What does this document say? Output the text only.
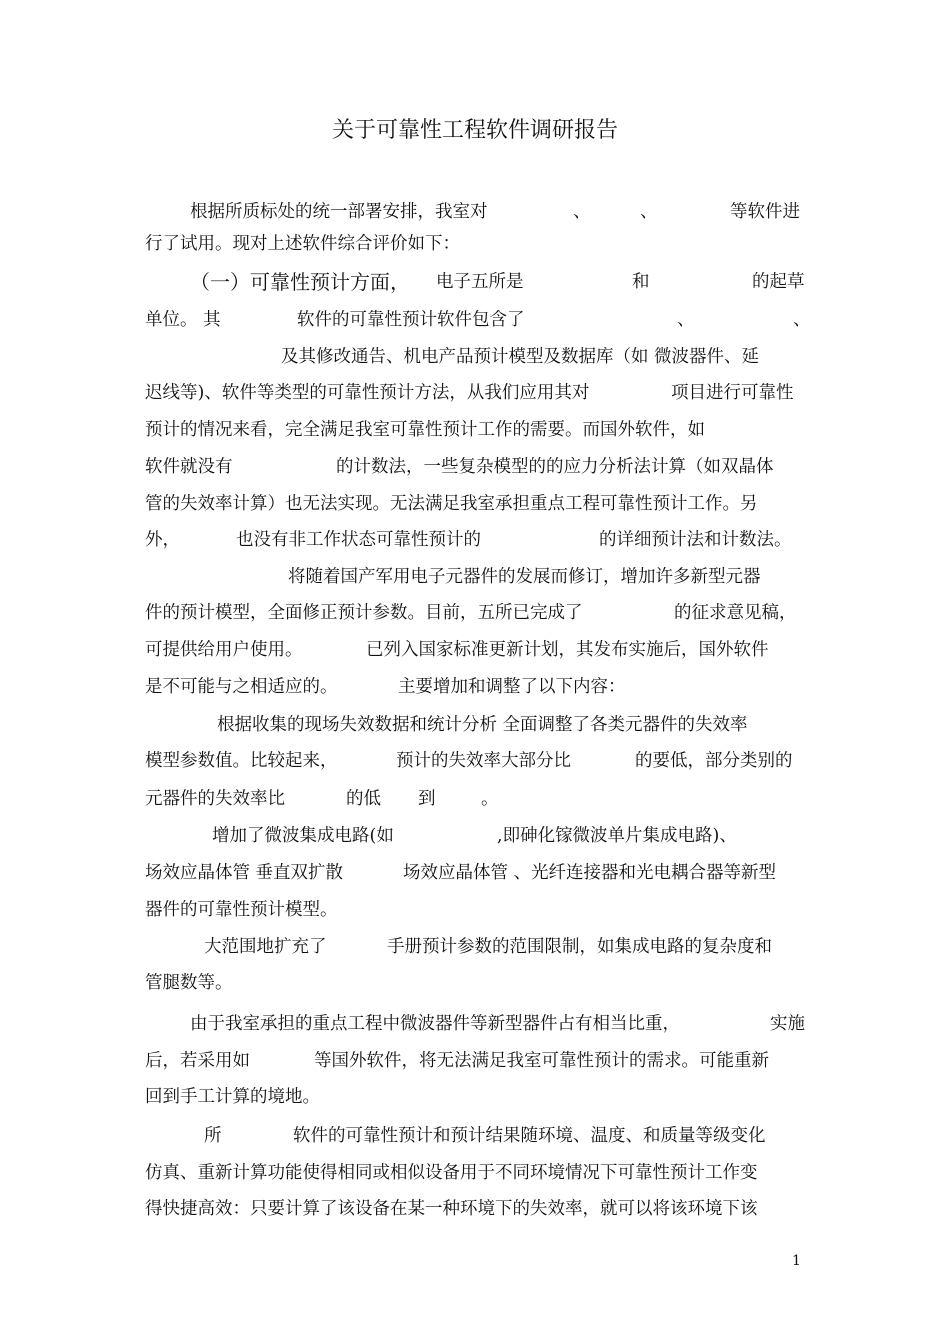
关于可靠性工程软件调研报告
根据所质标处的统一部署安排，我室对	、	、	等软件进
行了试用。现对上述软件综合评价如下：
（一）可靠性预计方面， 电子五所是	和	的起草
单位。 其	软件的可靠性预计软件包含了	、	、
及其修改通告、机电产品预计模型及数据库（如 微波器件、延
迟线等)、软件等类型的可靠性预计方法，从我们应用其对	项目进行可靠性
预计的情况来看，完全满足我室可靠性预计工作的需要。而国外软件，如
软件就没有	的计数法，一些复杂模型的的应力分析法计算（如双晶体
管的失效率计算）也无法实现。无法满足我室承担重点工程可靠性预计工作。另
外，	也没有非工作状态可靠性预计的	的详细预计法和计数法。
将随着国产军用电子元器件的发展而修订，增加许多新型元器
件的预计模型，全面修正预计参数。目前，五所已完成了	的征求意见稿，
可提供给用户使用。	已列入国家标准更新计划，其发布实施后，国外软件
是不可能与之相适应的。	主要增加和调整了以下内容：
根据收集的现场失效数据和统计分析 全面调整了各类元器件的失效率
模型参数值。比较起来，	预计的失效率大部分比	的要低，部分类别的
元器件的失效率比	的低 到	。
增加了微波集成电路(如	,即砷化镓微波单片集成电路)、
场效应晶体管 垂直双扩散	场效应晶体管 、光纤连接器和光电耦合器等新型
器件的可靠性预计模型。
大范围地扩充了	手册预计参数的范围限制，如集成电路的复杂度和
管腿数等。
由于我室承担的重点工程中微波器件等新型器件占有相当比重，	实施
后，若采用如	等国外软件，将无法满足我室可靠性预计的需求。可能重新
回到手工计算的境地。
所	软件的可靠性预计和预计结果随环境、温度、和质量等级变化
仿真、重新计算功能使得相同或相似设备用于不同环境情况下可靠性预计工作变
得快捷高效：只要计算了该设备在某一种环境下的失效率，就可以将该环境下该
1
